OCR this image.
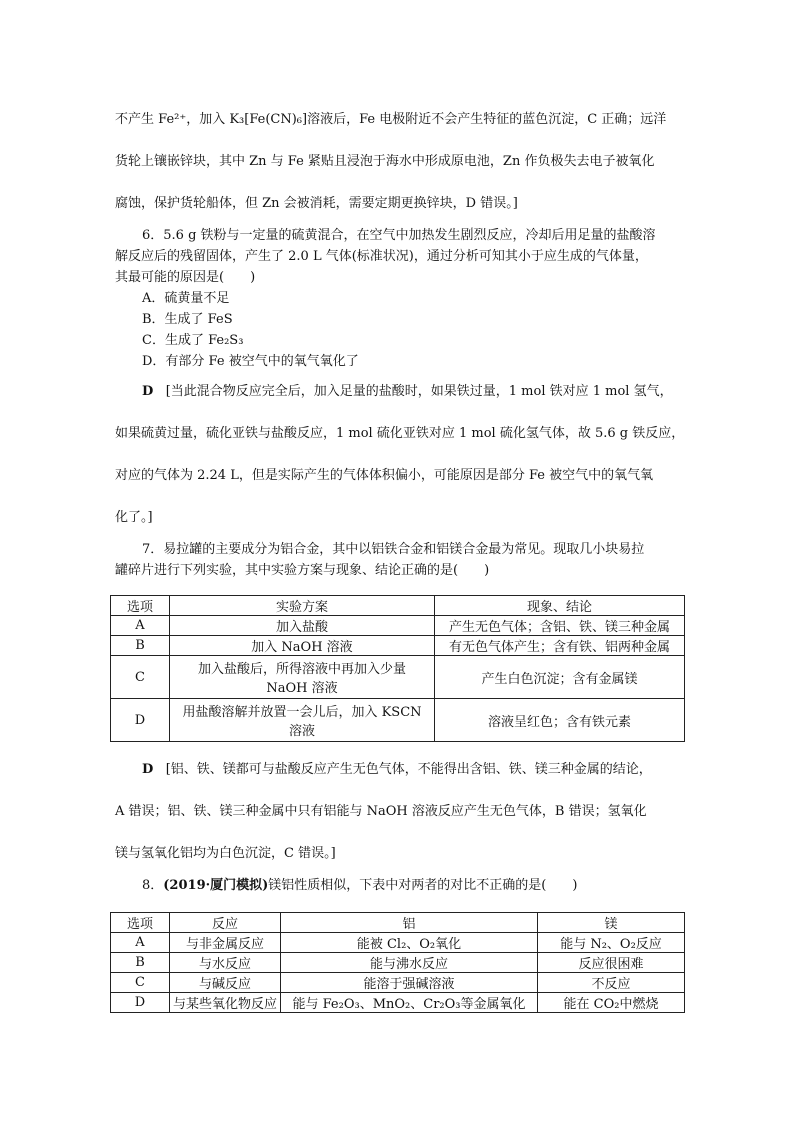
不产生 Fe²⁺，加入 K₃[Fe(CN)₆]溶液后，Fe 电极附近不会产生特征的蓝色沉淀，C 正确；远洋
货轮上镶嵌锌块，其中 Zn 与 Fe 紧贴且浸泡于海水中形成原电池，Zn 作负极失去电子被氧化
腐蚀，保护货轮船体，但 Zn 会被消耗，需要定期更换锌块，D 错误。]
6．5.6 g 铁粉与一定量的硫黄混合，在空气中加热发生剧烈反应，冷却后用足量的盐酸溶
解反应后的残留固体，产生了 2.0 L 气体(标准状况)，通过分析可知其小于应生成的气体量，
其最可能的原因是(　　)
A．硫黄量不足
B．生成了 FeS
C．生成了 Fe₂S₃
D．有部分 Fe 被空气中的氧气氧化了
D [当此混合物反应完全后，加入足量的盐酸时，如果铁过量，1 mol 铁对应 1 mol 氢气，
如果硫黄过量，硫化亚铁与盐酸反应，1 mol 硫化亚铁对应 1 mol 硫化氢气体，故 5.6 g 铁反应，
对应的气体为 2.24 L，但是实际产生的气体体积偏小，可能原因是部分 Fe 被空气中的氧气氧
化了。]
7．易拉罐的主要成分为铝合金，其中以铝铁合金和铝镁合金最为常见。现取几小块易拉
罐碎片进行下列实验，其中实验方案与现象、结论正确的是(　　)
选项	实验方案	现象、结论
A	加入盐酸	产生无色气体；含铝、铁、镁三种金属
B	加入 NaOH 溶液	有无色气体产生；含有铁、铝两种金属
C	加入盐酸后，所得溶液中再加入少量 NaOH 溶液	产生白色沉淀；含有金属镁
D	用盐酸溶解并放置一会儿后，加入 KSCN 溶液	溶液呈红色；含有铁元素
D [铝、铁、镁都可与盐酸反应产生无色气体，不能得出含铝、铁、镁三种金属的结论，
A 错误；铝、铁、镁三种金属中只有铝能与 NaOH 溶液反应产生无色气体，B 错误；氢氧化
镁与氢氧化铝均为白色沉淀，C 错误。]
8．(2019·厦门模拟)镁铝性质相似，下表中对两者的对比不正确的是(　　)
选项	反应	铝	镁
A	与非金属反应	能被 Cl₂、O₂氧化	能与 N₂、O₂反应
B	与水反应	能与沸水反应	反应很困难
C	与碱反应	能溶于强碱溶液	不反应
D	与某些氧化物反应	能与 Fe₂O₃、MnO₂、Cr₂O₃等金属氧化	能在 CO₂中燃烧
